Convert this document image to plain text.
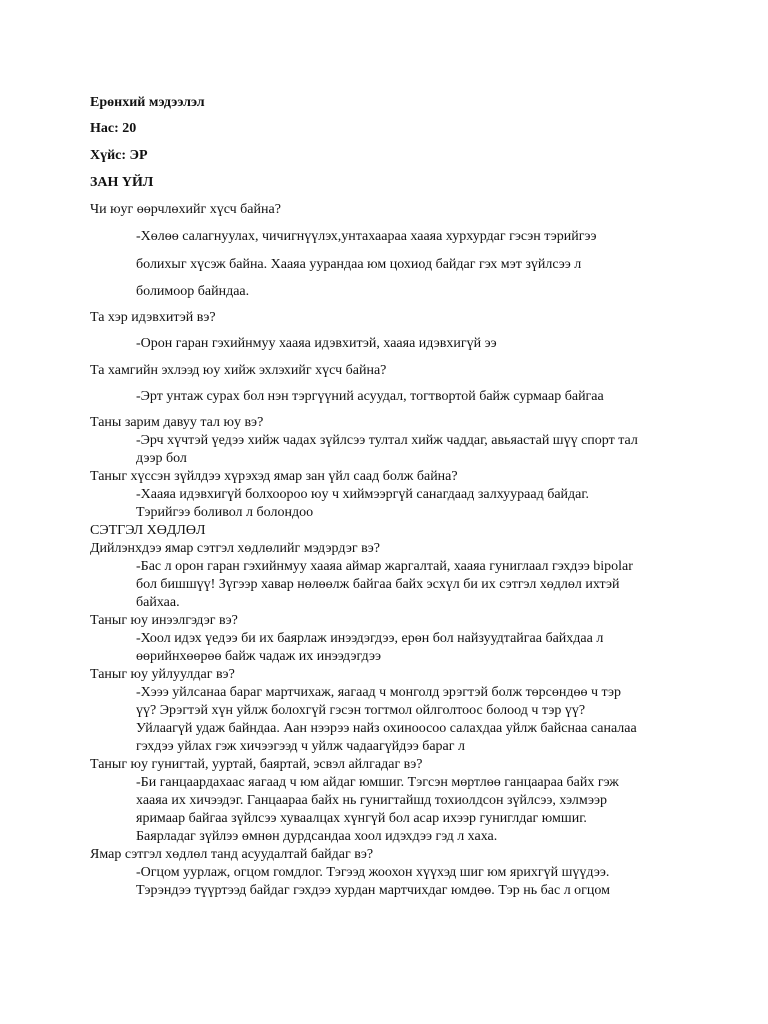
Ерөнхий мэдээлэл
Нас: 20
Хүйс: ЭР
ЗАН ҮЙЛ
Чи юуг өөрчлөхийг хүсч байна?
-Хөлөө салагнуулах, чичигнүүлэх,унтахаараа хааяа хурхурдаг гэсэн тэрийгээ
болихыг хүсэж байна. Хааяа уурандаа юм цохиод байдаг гэх мэт зүйлсээ л
болимоор байндаа.
Та хэр идэвхитэй вэ?
-Орон гаран гэхийнмуу хааяа идэвхитэй, хааяа идэвхигүй ээ
Та хамгийн эхлээд юу хийж эхлэхийг хүсч байна?
-Эрт унтаж сурах бол нэн тэргүүний асуудал, тогтвортой байж сурмаар байгаа
Таны зарим давуу тал юу вэ?
-Эрч хүчтэй үедээ хийж чадах зүйлсээ тултал хийж чаддаг, авьяастай шүү спорт тал
дээр бол
Таныг хүссэн зүйлдээ хүрэхэд ямар зан үйл саад болж байна?
-Хааяа идэвхигүй болхоороо юу ч хиймээргүй санагдаад залхуураад байдаг.
Тэрийгээ боливол л болондоо
СЭТГЭЛ ХӨДЛӨЛ
Дийлэнхдээ ямар сэтгэл хөдлөлийг мэдэрдэг вэ?
-Бас л орон гаран гэхийнмуу хааяа аймар жаргалтай, хааяа гуниглаал гэхдээ bipolar
бол бишшүү! Зүгээр хавар нөлөөлж байгаа байх эсхүл би их сэтгэл хөдлөл ихтэй
байхаа.
Таныг юу инээлгэдэг вэ?
-Хоол идэх үедээ би их баярлаж инээдэгдээ, ерөн бол найзуудтайгаа байхдаа л
өөрийнхөөрөө байж чадаж их инээдэгдээ
Таныг юу уйлуулдаг вэ?
-Хэээ уйлсанаа бараг мартчихаж, яагаад ч монголд эрэгтэй болж төрсөндөө ч тэр
үү? Эрэгтэй хүн уйлж болохгүй гэсэн тогтмол ойлголтоос болоод ч тэр үү?
Уйлаагүй удаж байндаа. Аан нээрээ найз охиноосоо салахдаа уйлж байснаа саналаа
гэхдээ уйлах гэж хичээгээд ч уйлж чадаагүйдээ бараг л
Таныг юу гунигтай, ууртай, баяртай, эсвэл айлгадаг вэ?
-Би ганцаардахаас яагаад ч юм айдаг юмшиг. Тэгсэн мөртлөө ганцаараа байх гэж
хааяа их хичээдэг. Ганцаараа байх нь гунигтайшд тохиолдсон зүйлсээ, хэлмээр
яримаар байгаа зүйлсээ хуваалцах хүнгүй бол асар ихээр гуниглдаг юмшиг.
Баярладаг зүйлээ өмнөн дурдсандаа хоол идэхдээ гэд л хаха.
Ямар сэтгэл хөдлөл танд асуудалтай байдаг вэ?
-Огцом уурлаж, огцом гомдлог. Тэгээд жоохон хүүхэд шиг юм ярихгүй шүүдээ.
Тэрэндээ түүртээд байдаг гэхдээ хурдан мартчихдаг юмдөө. Тэр нь бас л огцом
